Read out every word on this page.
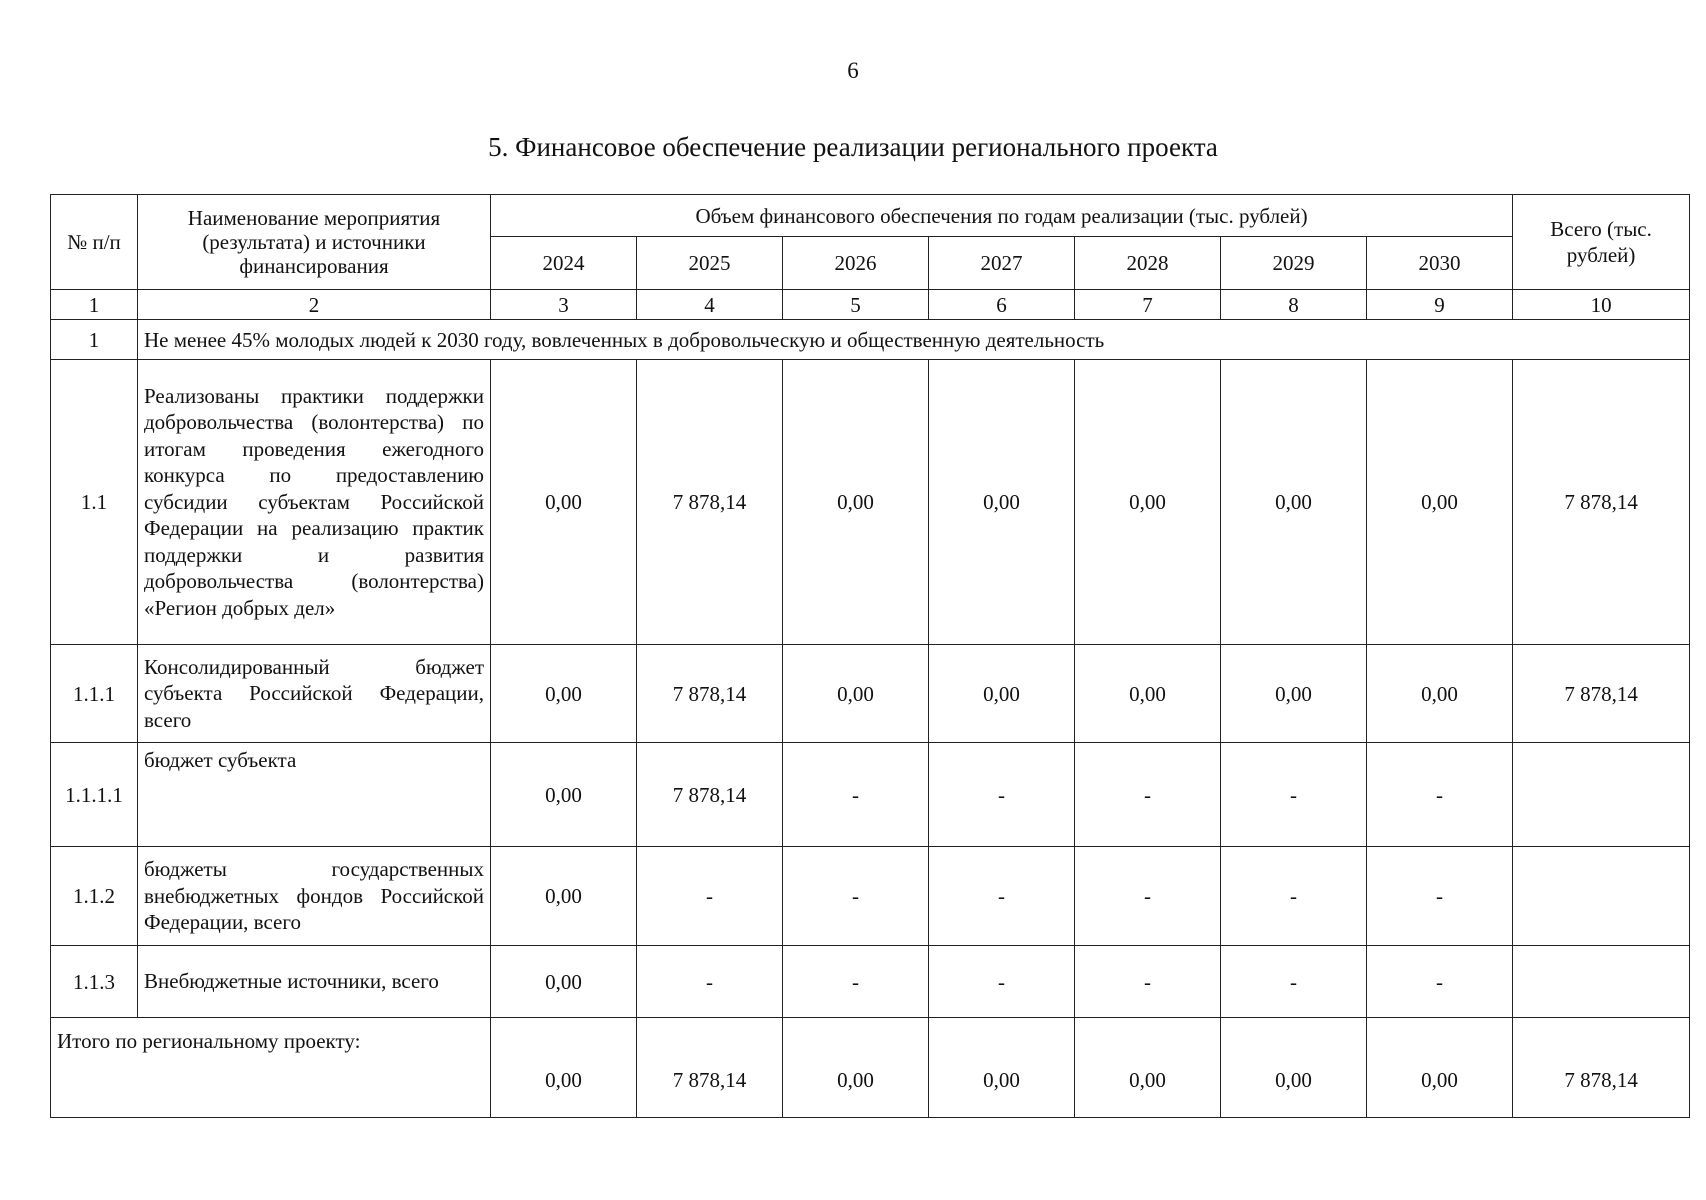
6
5. Финансовое обеспечение реализации регионального проекта
№ п/п	Наименование мероприятия (результата) и источники финансирования	Объем финансового обеспечения по годам реализации (тыс. рублей)							Всего (тыс. рублей)
		2024	2025	2026	2027	2028	2029	2030	
1	2	3	4	5	6	7	8	9	10
1	Не менее 45% молодых людей к 2030 году, вовлеченных в добровольческую и общественную деятельность								
1.1	Реализованы практики поддержки добровольчества (волонтерства) по итогам проведения ежегодного конкурса по предоставлению субсидии субъектам Российской Федерации на реализацию практик поддержки и развития добровольчества (волонтерства) «Регион добрых дел»	0,00	7 878,14	0,00	0,00	0,00	0,00	0,00	7 878,14
1.1.1	Консолидированный бюджет субъекта Российской Федерации, всего	0,00	7 878,14	0,00	0,00	0,00	0,00	0,00	7 878,14
1.1.1.1	бюджет субъекта	0,00	7 878,14	-	-	-	-	-	
1.1.2	бюджеты государственных внебюджетных фондов Российской Федерации, всего	0,00	-	-	-	-	-	-	
1.1.3	Внебюджетные источники, всего	0,00	-	-	-	-	-	-	
Итого по региональному проекту:		0,00	7 878,14	0,00	0,00	0,00	0,00	0,00	7 878,14
